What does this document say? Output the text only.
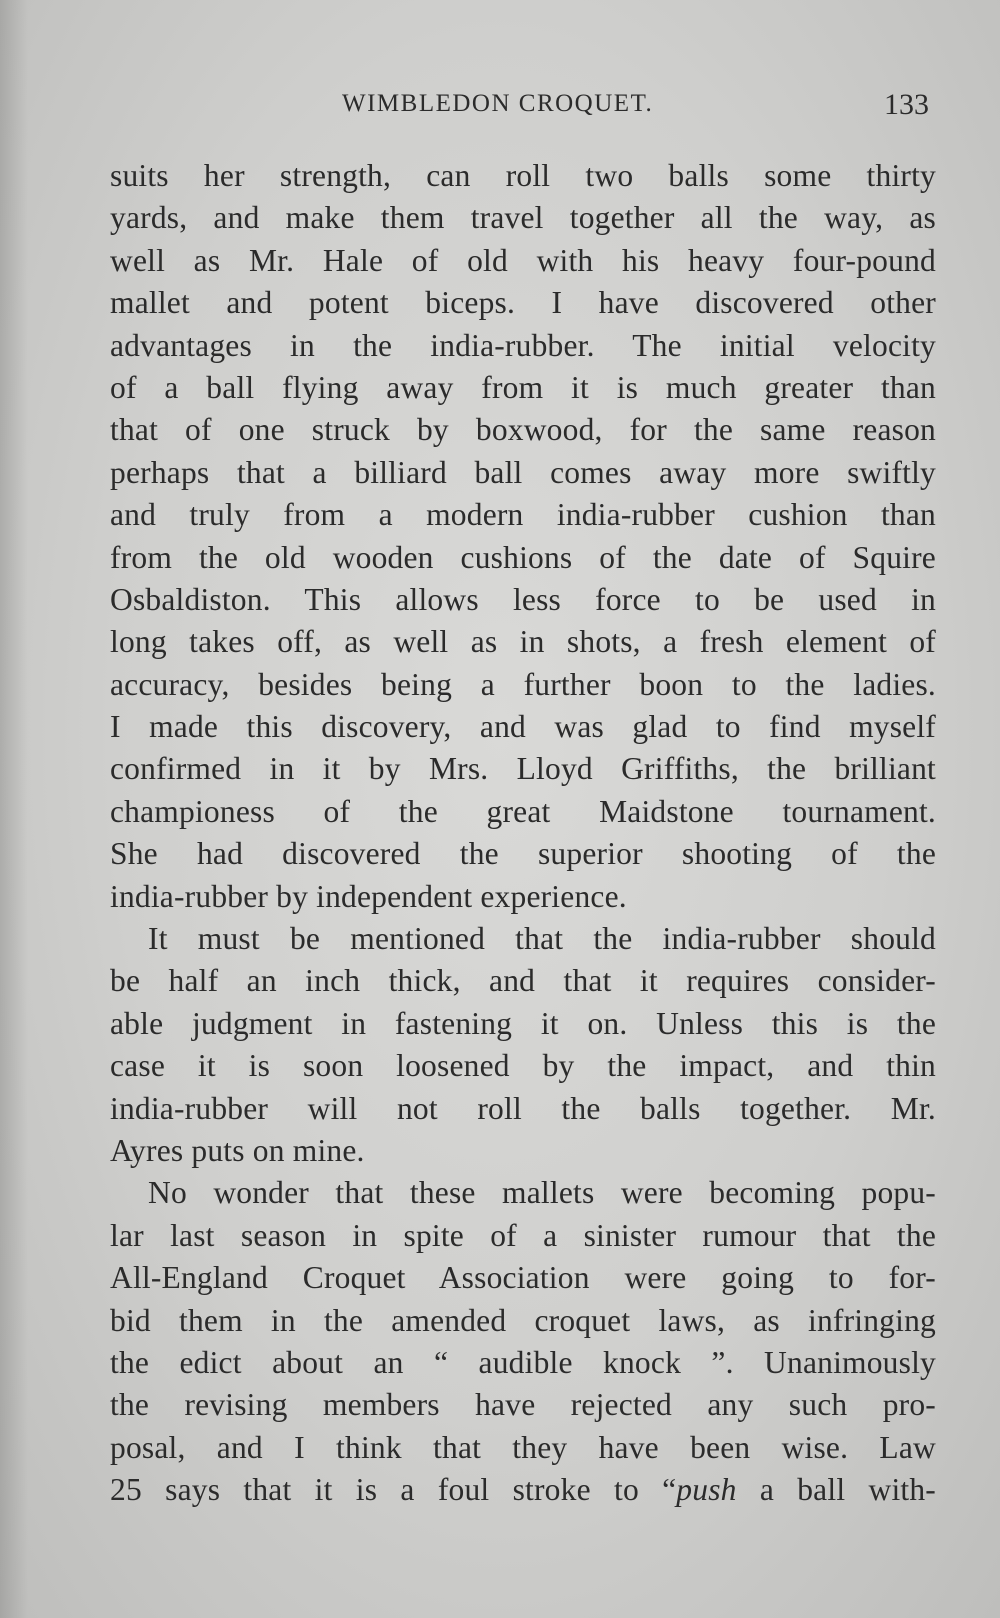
WIMBLEDON CROQUET.	133
suits her strength, can roll two balls some thirty
yards, and make them travel together all the way, as
well as Mr. Hale of old with his heavy four-pound
mallet and potent biceps. I have discovered other
advantages in the india-rubber. The initial velocity
of a ball flying away from it is much greater than
that of one struck by boxwood, for the same reason
perhaps that a billiard ball comes away more swiftly
and truly from a modern india-rubber cushion than
from the old wooden cushions of the date of Squire
Osbaldiston. This allows less force to be used in
long takes off, as well as in shots, a fresh element of
accuracy, besides being a further boon to the ladies.
I made this discovery, and was glad to find myself
confirmed in it by Mrs. Lloyd Griffiths, the brilliant
championess of the great Maidstone tournament.
She had discovered the superior shooting of the
india-rubber by independent experience.
It must be mentioned that the india-rubber should
be half an inch thick, and that it requires consider-
able judgment in fastening it on. Unless this is the
case it is soon loosened by the impact, and thin
india-rubber will not roll the balls together. Mr.
Ayres puts on mine.
No wonder that these mallets were becoming popu-
lar last season in spite of a sinister rumour that the
All-England Croquet Association were going to for-
bid them in the amended croquet laws, as infringing
the edict about an “ audible knock ”. Unanimously
the revising members have rejected any such pro-
posal, and I think that they have been wise. Law
25 says that it is a foul stroke to “push a ball with-
